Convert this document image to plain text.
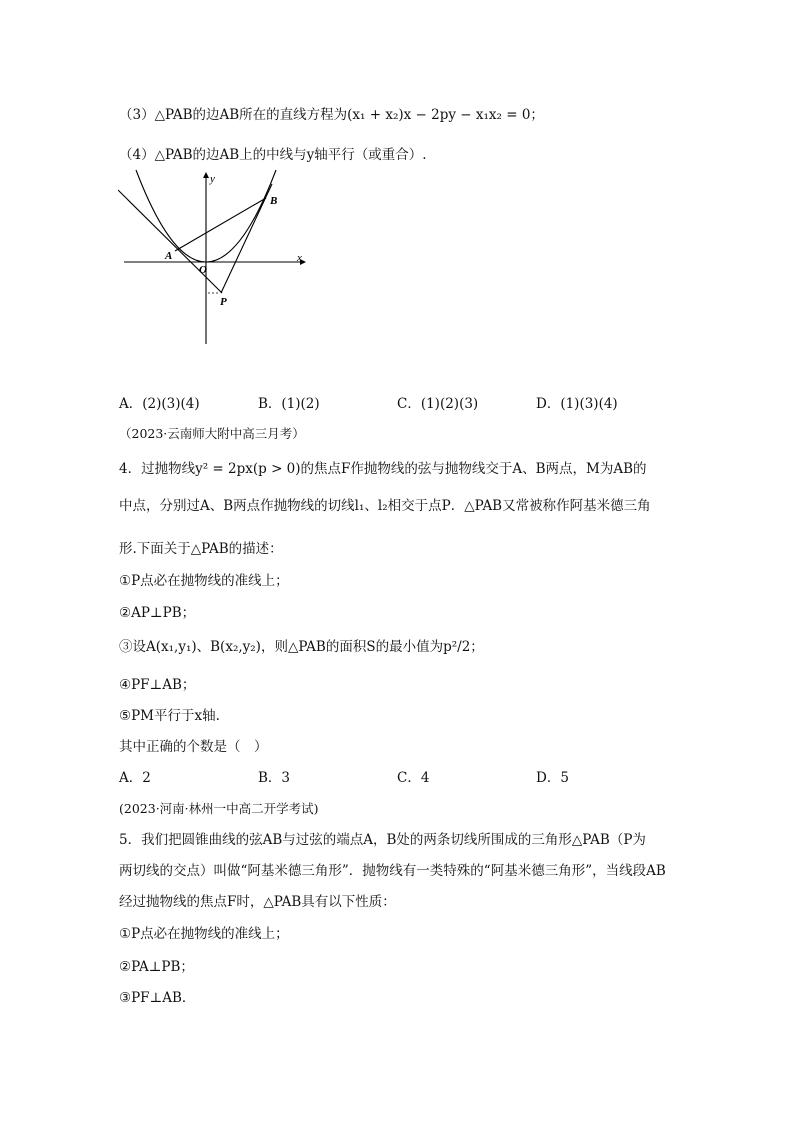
（3）△PAB的边AB所在的直线方程为(x₁ + x₂)x − 2py − x₁x₂ = 0；
（4）△PAB的边AB上的中线与y轴平行（或重合）.
y
x
A
B
O
P
A．(2)(3)(4)	B．(1)(2)	C．(1)(2)(3)	D．(1)(3)(4)
（2023·云南师大附中高三月考）
4．过抛物线y² = 2px(p > 0)的焦点F作抛物线的弦与抛物线交于A、B两点，M为AB的
中点，分别过A、B两点作抛物线的切线l₁、l₂相交于点P．△PAB又常被称作阿基米德三角
形.下面关于△PAB的描述：
①P点必在抛物线的准线上；
②AP⊥PB；
③设A(x₁,y₁)、B(x₂,y₂)，则△PAB的面积S的最小值为p²/2；
④PF⊥AB；
⑤PM平行于x轴.
其中正确的个数是（　）
A．2	B．3	C．4	D．5
(2023·河南·林州一中高二开学考试)
5．我们把圆锥曲线的弦AB与过弦的端点A，B处的两条切线所围成的三角形△PAB（P为
两切线的交点）叫做“阿基米德三角形”．抛物线有一类特殊的“阿基米德三角形”，当线段AB
经过抛物线的焦点F时，△PAB具有以下性质：
①P点必在抛物线的准线上；
②PA⊥PB；
③PF⊥AB．
